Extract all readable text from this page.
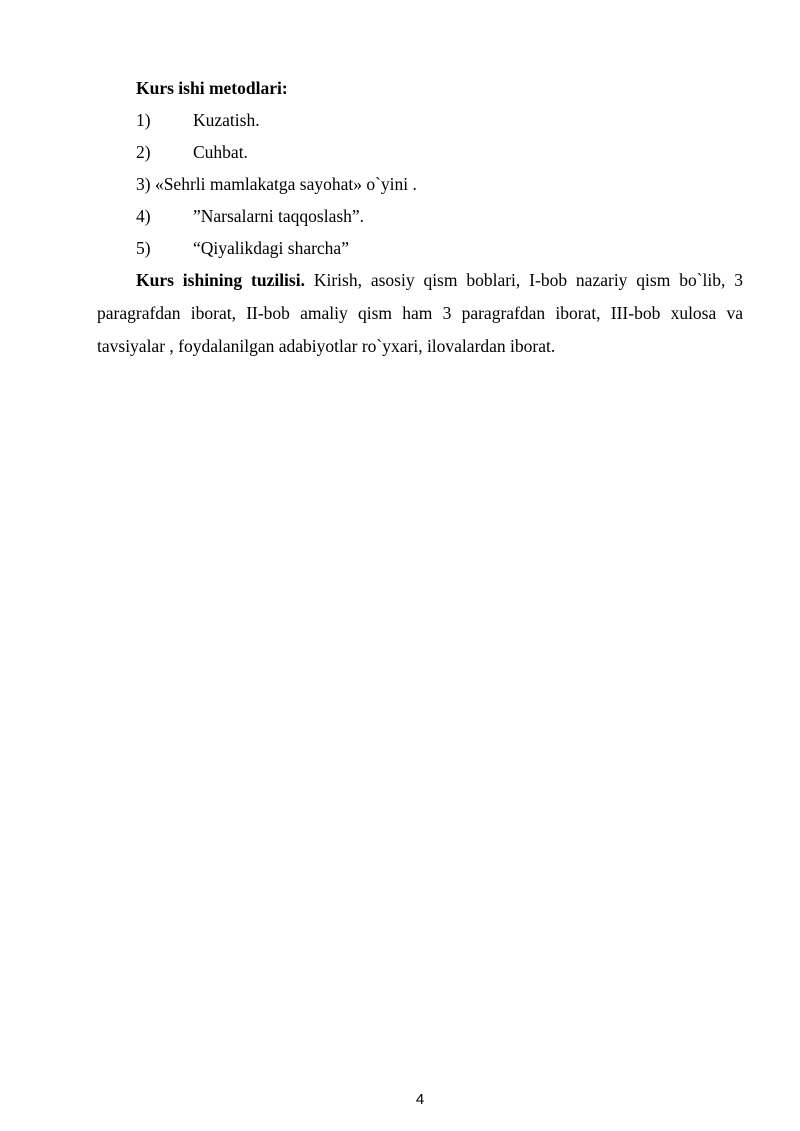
Kurs ishi metodlari:
1) Kuzatish.
2) Cuhbat.
3) «Sehrli mamlakatga sayohat» o`yini .
4) ”Narsalarni taqqoslash”.
5) “Qiyalikdagi sharcha”

Kurs ishining tuzilisi. Kirish, asosiy qism boblari, I-bob nazariy qism bo`lib, 3 paragrafdan iborat, II-bob amaliy qism ham 3 paragrafdan iborat, III-bob xulosa va tavsiyalar , foydalanilgan adabiyotlar ro`yxari, ilovalardan iborat.

4
